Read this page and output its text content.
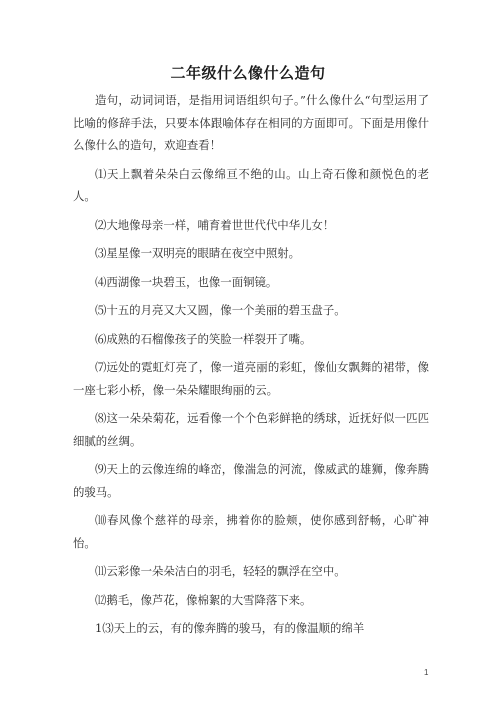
二年级什么像什么造句

造句，动词词语，是指用词语组织句子。”什么像什么“句型运用了比喻的修辞手法，只要本体跟喻体存在相同的方面即可。下面是用像什么像什么的造句，欢迎查看！

⑴天上飘着朵朵白云像绵亘不绝的山。山上奇石像和颜悦色的老人。

⑵大地像母亲一样，哺育着世世代代中华儿女！

⑶星星像一双明亮的眼睛在夜空中照射。

⑷西湖像一块碧玉，也像一面铜镜。

⑸十五的月亮又大又圆，像一个美丽的碧玉盘子。

⑹成熟的石榴像孩子的笑脸一样裂开了嘴。

⑺远处的霓虹灯亮了，像一道亮丽的彩虹，像仙女飘舞的裙带，像一座七彩小桥，像一朵朵耀眼绚丽的云。

⑻这一朵朵菊花，远看像一个个色彩鲜艳的绣球，近抚好似一匹匹细腻的丝绸。

⑼天上的云像连绵的峰峦，像湍急的河流，像威武的雄狮，像奔腾的骏马。

⑽春风像个慈祥的母亲，拂着你的脸颊，使你感到舒畅，心旷神怡。

⑾云彩像一朵朵洁白的羽毛，轻轻的飘浮在空中。

⑿鹅毛，像芦花，像棉絮的大雪降落下来。

1⑶天上的云，有的像奔腾的骏马，有的像温顺的绵羊

1
